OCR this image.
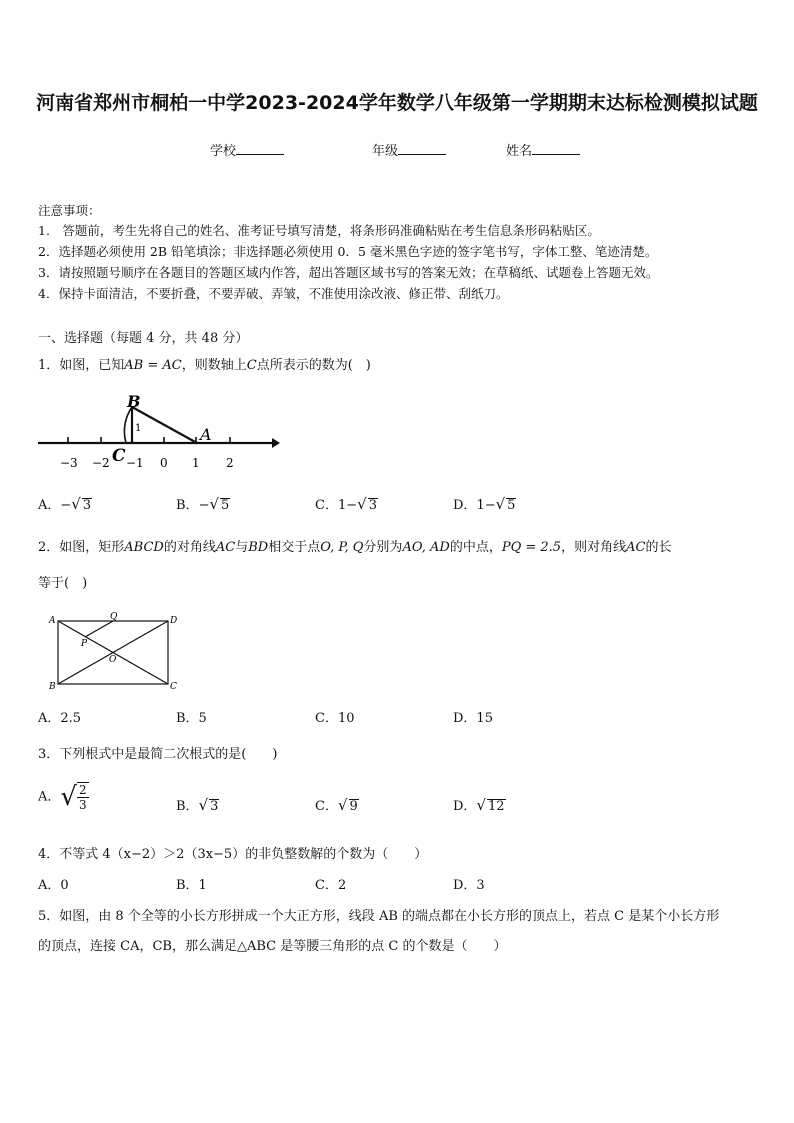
河南省郑州市桐柏一中学2023-2024学年数学八年级第一学期期末达标检测模拟试题
学校	年级	姓名
注意事项：
1.　答题前，考生先将自己的姓名、准考证号填写清楚，将条形码准确粘贴在考生信息条形码粘贴区。
2．选择题必须使用 2B 铅笔填涂；非选择题必须使用 0．5 毫米黑色字迹的签字笔书写，字体工整、笔迹清楚。
3．请按照题号顺序在各题目的答题区域内作答，超出答题区域书写的答案无效；在草稿纸、试题卷上答题无效。
4．保持卡面清洁，不要折叠，不要弄破、弄皱，不准使用涂改液、修正带、刮纸刀。
一、选择题（每题 4 分，共 48 分）
1．如图，已知AB = AC，则数轴上C点所表示的数为(　)
B
A
C
1
−3 −2 −1 0 1 2
A．−√ 3	B．−√ 5	C．1−√ 3	D．1−√ 5
2．如图，矩形ABCD的对角线AC与BD相交于点O, P, Q分别为AO, AD的中点，PQ = 2.5，则对角线AC的长
等于(　)
A	Q	D
P
O
B	C
A．2.5	B．5	C．10	D．15
3．下列根式中是最简二次根式的是(　　)
A．√ $\frac{2}{3}$	B．√ 3	C．√ 9	D．√ 12
4．不等式 4（x−2）＞2（3x−5）的非负整数解的个数为（　　）
A．0	B．1	C．2	D．3
5．如图，由 8 个全等的小长方形拼成一个大正方形，线段 AB 的端点都在小长方形的顶点上，若点 C 是某个小长方形
的顶点，连接 CA，CB，那么满足△ABC 是等腰三角形的点 C 的个数是（　　）
